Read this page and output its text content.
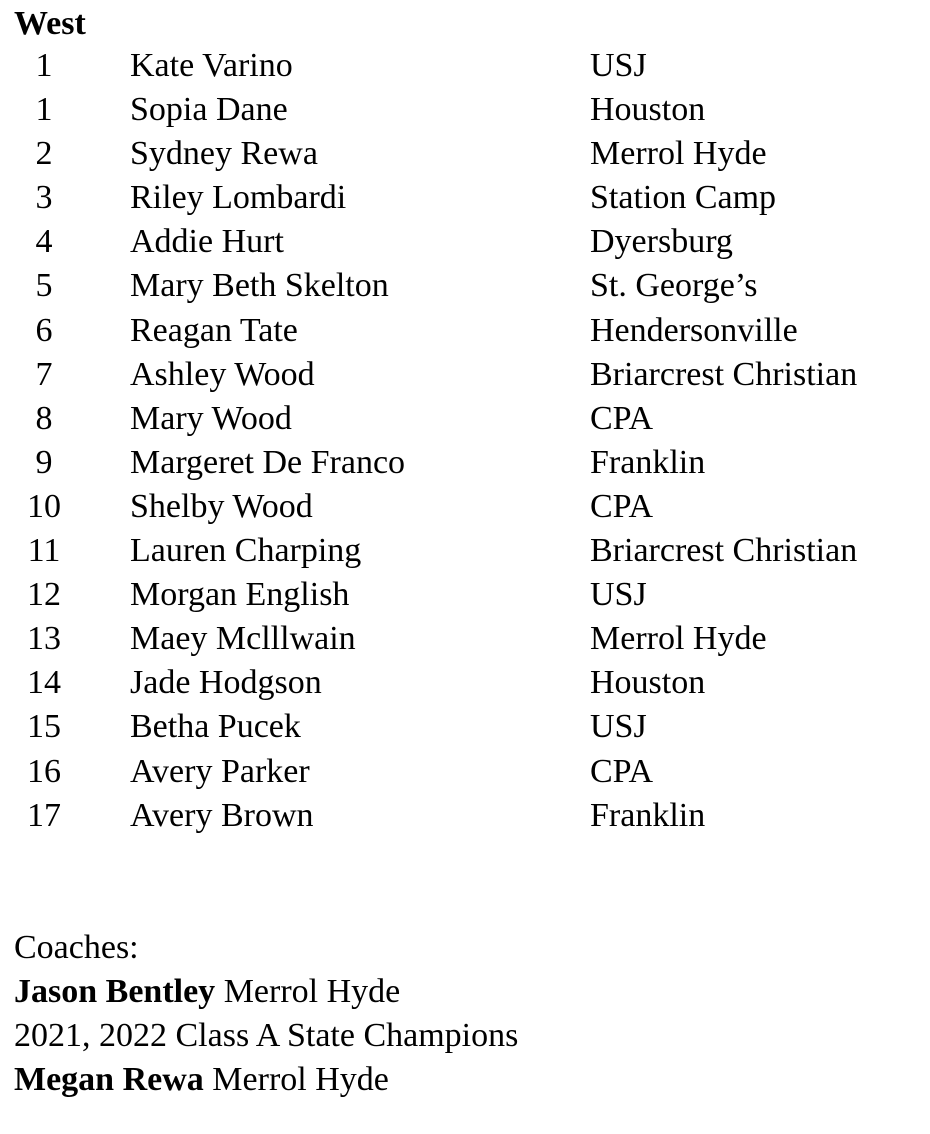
West
1	Kate Varino	USJ
1	Sopia Dane	Houston
2	Sydney Rewa	Merrol Hyde
3	Riley Lombardi	Station Camp
4	Addie Hurt	Dyersburg
5	Mary Beth Skelton	St. George’s
6	Reagan Tate	Hendersonville
7	Ashley Wood	Briarcrest Christian
8	Mary Wood	CPA
9	Margeret De Franco	Franklin
10	Shelby Wood	CPA
11	Lauren Charping	Briarcrest Christian
12	Morgan English	USJ
13	Maey Mclllwain	Merrol Hyde
14	Jade Hodgson	Houston
15	Betha Pucek	USJ
16	Avery Parker	CPA
17	Avery Brown	Franklin
Coaches:
Jason Bentley Merrol Hyde
2021, 2022 Class A State Champions
Megan Rewa Merrol Hyde
